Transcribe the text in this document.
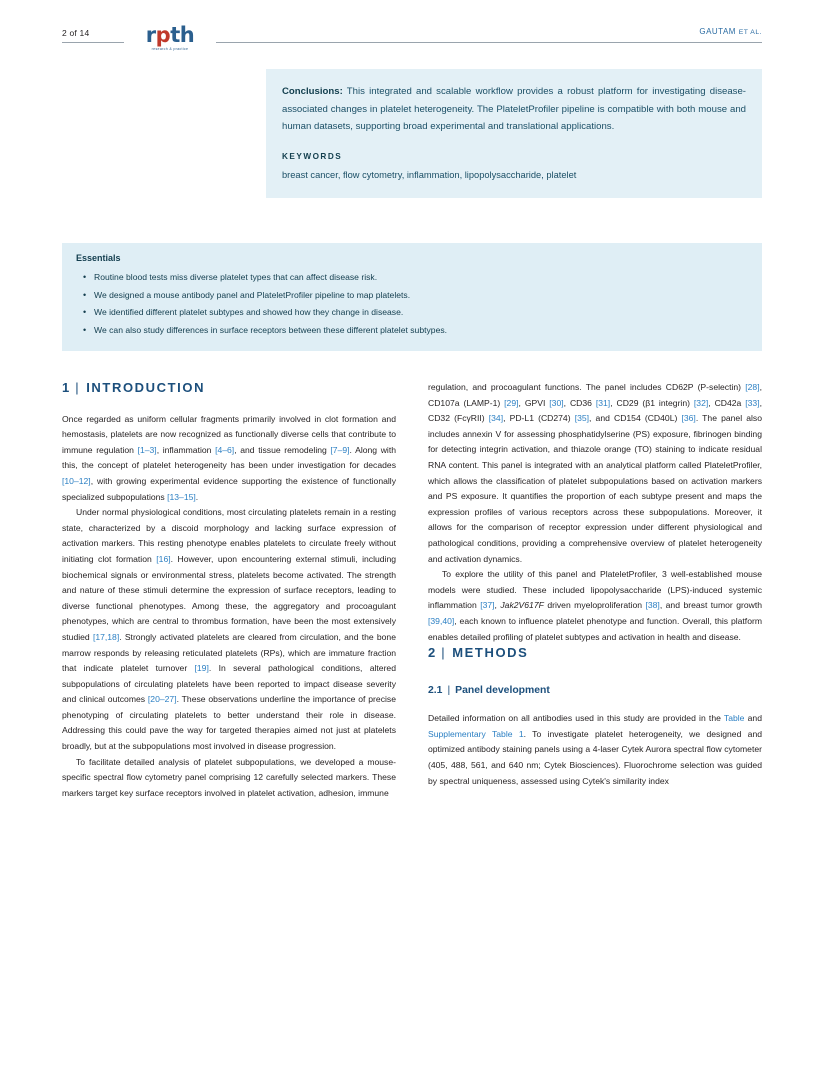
2 of 14	rpth
research & practice
GAUTAM ET AL.
Conclusions: This integrated and scalable workflow provides a robust platform for investigating disease-associated changes in platelet heterogeneity. The PlateletProfiler pipeline is compatible with both mouse and human datasets, supporting broad experimental and translational applications.
KEYWORDS
breast cancer, flow cytometry, inflammation, lipopolysaccharide, platelet
Essentials
• Routine blood tests miss diverse platelet types that can affect disease risk.
• We designed a mouse antibody panel and PlateletProfiler pipeline to map platelets.
• We identified different platelet subtypes and showed how they change in disease.
• We can also study differences in surface receptors between these different platelet subtypes.
1 | INTRODUCTION

Once regarded as uniform cellular fragments primarily involved in clot formation and hemostasis, platelets are now recognized as functionally diverse cells that contribute to immune regulation [1–3], inflammation [4–6], and tissue remodeling [7–9]. Along with this, the concept of platelet heterogeneity has been under investigation for decades [10–12], with growing experimental evidence supporting the existence of functionally specialized subpopulations [13–15].

Under normal physiological conditions, most circulating platelets remain in a resting state, characterized by a discoid morphology and lacking surface expression of activation markers. This resting phenotype enables platelets to circulate freely without initiating clot formation [16]. However, upon encountering external stimuli, including biochemical signals or environmental stress, platelets become activated. The strength and nature of these stimuli determine the expression of surface receptors, leading to diverse functional phenotypes. Among these, the aggregatory and procoagulant phenotypes, which are central to thrombus formation, have been the most extensively studied [17,18]. Strongly activated platelets are cleared from circulation, and the bone marrow responds by releasing reticulated platelets (RPs), which are immature fraction that indicate platelet turnover [19]. In several pathological conditions, altered subpopulations of circulating platelets have been reported to impact disease severity and clinical outcomes [20–27]. These observations underline the importance of precise phenotyping of circulating platelets to better understand their role in disease. Addressing this could pave the way for targeted therapies aimed not just at platelets broadly, but at the subpopulations most involved in disease progression.

To facilitate detailed analysis of platelet subpopulations, we developed a mouse-specific spectral flow cytometry panel comprising 12 carefully selected markers. These markers target key surface receptors involved in platelet activation, adhesion, immune

regulation, and procoagulant functions. The panel includes CD62P (P-selectin) [28], CD107a (LAMP-1) [29], GPVI [30], CD36 [31], CD29 (β1 integrin) [32], CD42a [33], CD32 (FcγRII) [34], PD-L1 (CD274) [35], and CD154 (CD40L) [36]. The panel also includes annexin V for assessing phosphatidylserine (PS) exposure, fibrinogen binding for detecting integrin activation, and thiazole orange (TO) staining to indicate residual RNA content. This panel is integrated with an analytical platform called PlateletProfiler, which allows the classification of platelet subpopulations based on activation markers and PS exposure. It quantifies the proportion of each subtype present and maps the expression profiles of various receptors across these subpopulations. Moreover, it allows for the comparison of receptor expression under different physiological and pathological conditions, providing a comprehensive overview of platelet heterogeneity and activation dynamics.

To explore the utility of this panel and PlateletProfiler, 3 well-established mouse models were studied. These included lipopolysaccharide (LPS)-induced systemic inflammation [37], Jak2V617F driven myeloproliferation [38], and breast tumor growth [39,40], each known to influence platelet phenotype and function. Overall, this platform enables detailed profiling of platelet subtypes and activation in health and disease.

2 | METHODS
2.1 | Panel development

Detailed information on all antibodies used in this study are provided in the Table and Supplementary Table 1. To investigate platelet heterogeneity, we designed and optimized antibody staining panels using a 4-laser Cytek Aurora spectral flow cytometer (405, 488, 561, and 640 nm; Cytek Biosciences). Fluorochrome selection was guided by spectral uniqueness, assessed using Cytek's similarity index
